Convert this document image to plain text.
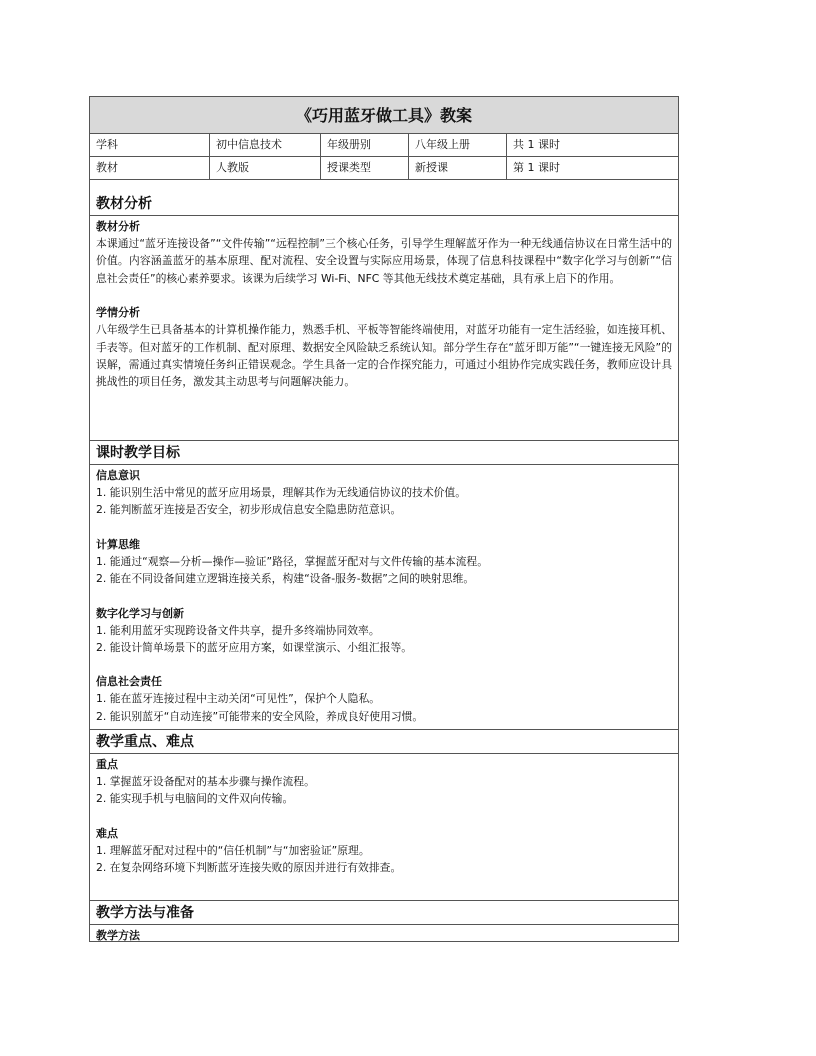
《巧用蓝牙做工具》教案
学科	初中信息技术	年级册别	八年级上册	共 1 课时
教材	人教版	授课类型	新授课	第 1 课时
教材分析
教材分析
本课通过“蓝牙连接设备”“文件传输”“远程控制”三个核心任务，引导学生理解蓝牙作为一种无线通信协议在日常生活中的价值。内容涵盖蓝牙的基本原理、配对流程、安全设置与实际应用场景，体现了信息科技课程中“数字化学习与创新”“信息社会责任”的核心素养要求。该课为后续学习 Wi-Fi、NFC 等其他无线技术奠定基础，具有承上启下的作用。
学情分析
八年级学生已具备基本的计算机操作能力，熟悉手机、平板等智能终端使用，对蓝牙功能有一定生活经验，如连接耳机、手表等。但对蓝牙的工作机制、配对原理、数据安全风险缺乏系统认知。部分学生存在“蓝牙即万能”“一键连接无风险”的误解，需通过真实情境任务纠正错误观念。学生具备一定的合作探究能力，可通过小组协作完成实践任务，教师应设计具挑战性的项目任务，激发其主动思考与问题解决能力。
课时教学目标
信息意识
1. 能识别生活中常见的蓝牙应用场景，理解其作为无线通信协议的技术价值。
2. 能判断蓝牙连接是否安全，初步形成信息安全隐患防范意识。
计算思维
1. 能通过“观察—分析—操作—验证”路径，掌握蓝牙配对与文件传输的基本流程。
2. 能在不同设备间建立逻辑连接关系，构建“设备-服务-数据”之间的映射思维。
数字化学习与创新
1. 能利用蓝牙实现跨设备文件共享，提升多终端协同效率。
2. 能设计简单场景下的蓝牙应用方案，如课堂演示、小组汇报等。
信息社会责任
1. 能在蓝牙连接过程中主动关闭“可见性”，保护个人隐私。
2. 能识别蓝牙“自动连接”可能带来的安全风险，养成良好使用习惯。
教学重点、难点
重点
1. 掌握蓝牙设备配对的基本步骤与操作流程。
2. 能实现手机与电脑间的文件双向传输。
难点
1. 理解蓝牙配对过程中的“信任机制”与“加密验证”原理。
2. 在复杂网络环境下判断蓝牙连接失败的原因并进行有效排查。
教学方法与准备
教学方法
